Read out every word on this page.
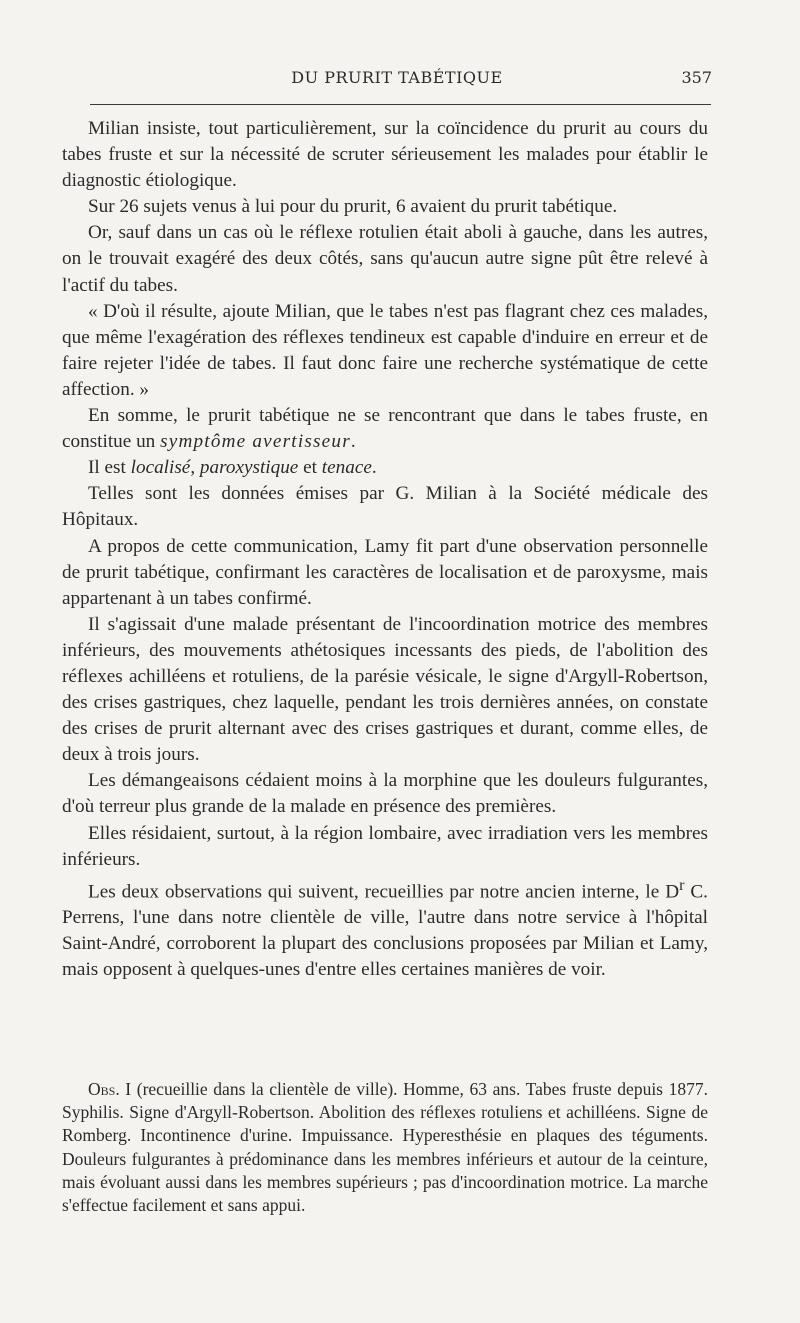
DU PRURIT TABÉTIQUE	357

Milian insiste, tout particulièrement, sur la coïncidence du prurit au cours du tabes fruste et sur la nécessité de scruter sérieusement les malades pour établir le diagnostic étiologique.

Sur 26 sujets venus à lui pour du prurit, 6 avaient du prurit tabétique.

Or, sauf dans un cas où le réflexe rotulien était aboli à gauche, dans les autres, on le trouvait exagéré des deux côtés, sans qu'aucun autre signe pût être relevé à l'actif du tabes.

« D'où il résulte, ajoute Milian, que le tabes n'est pas flagrant chez ces malades, que même l'exagération des réflexes tendineux est capable d'induire en erreur et de faire rejeter l'idée de tabes. Il faut donc faire une recherche systématique de cette affection. »

En somme, le prurit tabétique ne se rencontrant que dans le tabes fruste, en constitue un symptôme avertisseur.

Il est localisé, paroxystique et tenace.

Telles sont les données émises par G. Milian à la Société médicale des Hôpitaux.

A propos de cette communication, Lamy fit part d'une observation personnelle de prurit tabétique, confirmant les caractères de localisation et de paroxysme, mais appartenant à un tabes confirmé.

Il s'agissait d'une malade présentant de l'incoordination motrice des membres inférieurs, des mouvements athétosiques incessants des pieds, de l'abolition des réflexes achilléens et rotuliens, de la parésie vésicale, le signe d'Argyll-Robertson, des crises gastriques, chez laquelle, pendant les trois dernières années, on constate des crises de prurit alternant avec des crises gastriques et durant, comme elles, de deux à trois jours.

Les démangeaisons cédaient moins à la morphine que les douleurs fulgurantes, d'où terreur plus grande de la malade en présence des premières.

Elles résidaient, surtout, à la région lombaire, avec irradiation vers les membres inférieurs.

Les deux observations qui suivent, recueillies par notre ancien interne, le $D^r$ C. Perrens, l'une dans notre clientèle de ville, l'autre dans notre service à l'hôpital Saint-André, corroborent la plupart des conclusions proposées par Milian et Lamy, mais opposent à quelques-unes d'entre elles certaines manières de voir.

Obs. I (recueillie dans la clientèle de ville). Homme, 63 ans. Tabes fruste depuis 1877. Syphilis. Signe d'Argyll-Robertson. Abolition des réflexes rotuliens et achilléens. Signe de Romberg. Incontinence d'urine. Impuissance. Hyperesthésie en plaques des téguments. Douleurs fulgurantes à prédominance dans les membres inférieurs et autour de la ceinture, mais évoluant aussi dans les membres supérieurs ; pas d'incoordination motrice. La marche s'effectue facilement et sans appui.
